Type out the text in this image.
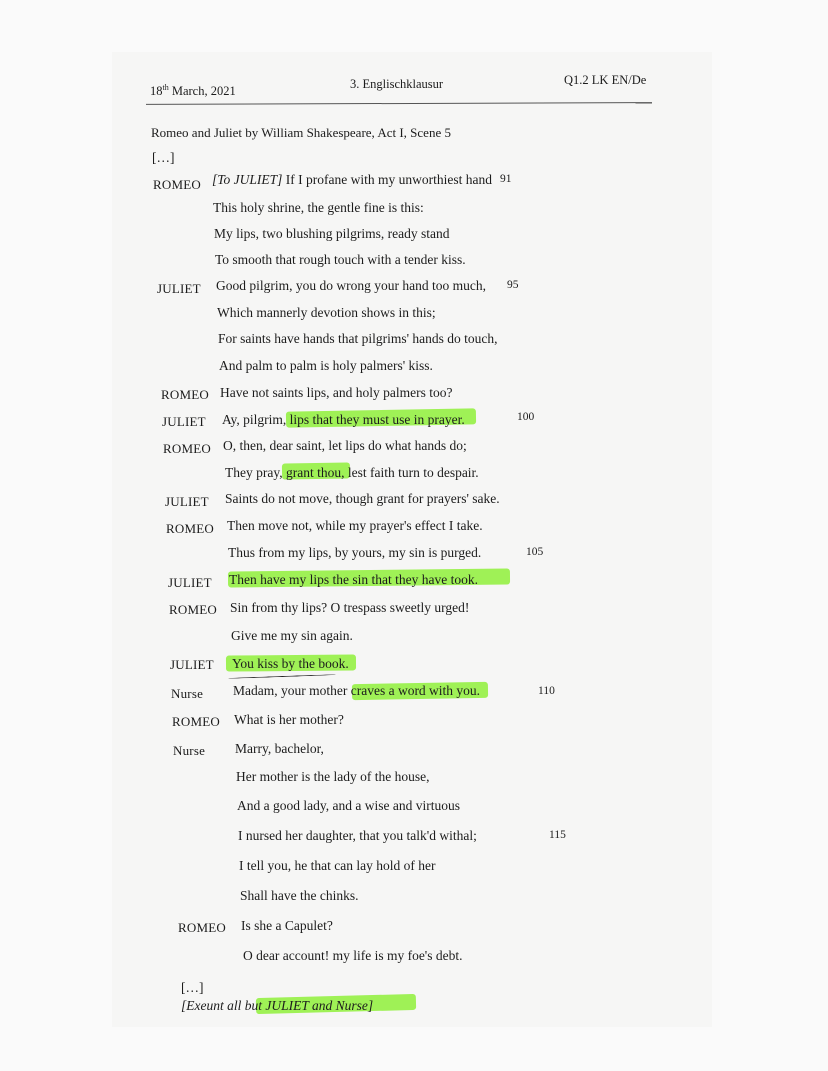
18th March, 2021
3. Englischklausur	Q1.2 LK EN/De
Romeo and Juliet by William Shakespeare, Act I, Scene 5
[…]
ROMEO [To JULIET] If I profane with my unworthiest hand 91
This holy shrine, the gentle fine is this:
My lips, two blushing pilgrims, ready stand
To smooth that rough touch with a tender kiss.
JULIET Good pilgrim, you do wrong your hand too much, 95
Which mannerly devotion shows in this;
For saints have hands that pilgrims' hands do touch,
And palm to palm is holy palmers' kiss.
ROMEO Have not saints lips, and holy palmers too?
JULIET Ay, pilgrim, lips that they must use in prayer.	100
ROMEO O, then, dear saint, let lips do what hands do;
They pray, grant thou, lest faith turn to despair.
JULIET Saints do not move, though grant for prayers' sake.
ROMEO Then move not, while my prayer's effect I take.
Thus from my lips, by yours, my sin is purged.	105
JULIET Then have my lips the sin that they have took.
ROMEO Sin from thy lips? O trespass sweetly urged!
Give me my sin again.
JULIET You kiss by the book.
Nurse Madam, your mother craves a word with you.	110
ROMEO What is her mother?
Nurse Marry, bachelor,
Her mother is the lady of the house,
And a good lady, and a wise and virtuous
I nursed her daughter, that you talk'd withal;	115
I tell you, he that can lay hold of her
Shall have the chinks.
ROMEO Is she a Capulet?
O dear account! my life is my foe's debt.
[…]
[Exeunt all but JULIET and Nurse]
